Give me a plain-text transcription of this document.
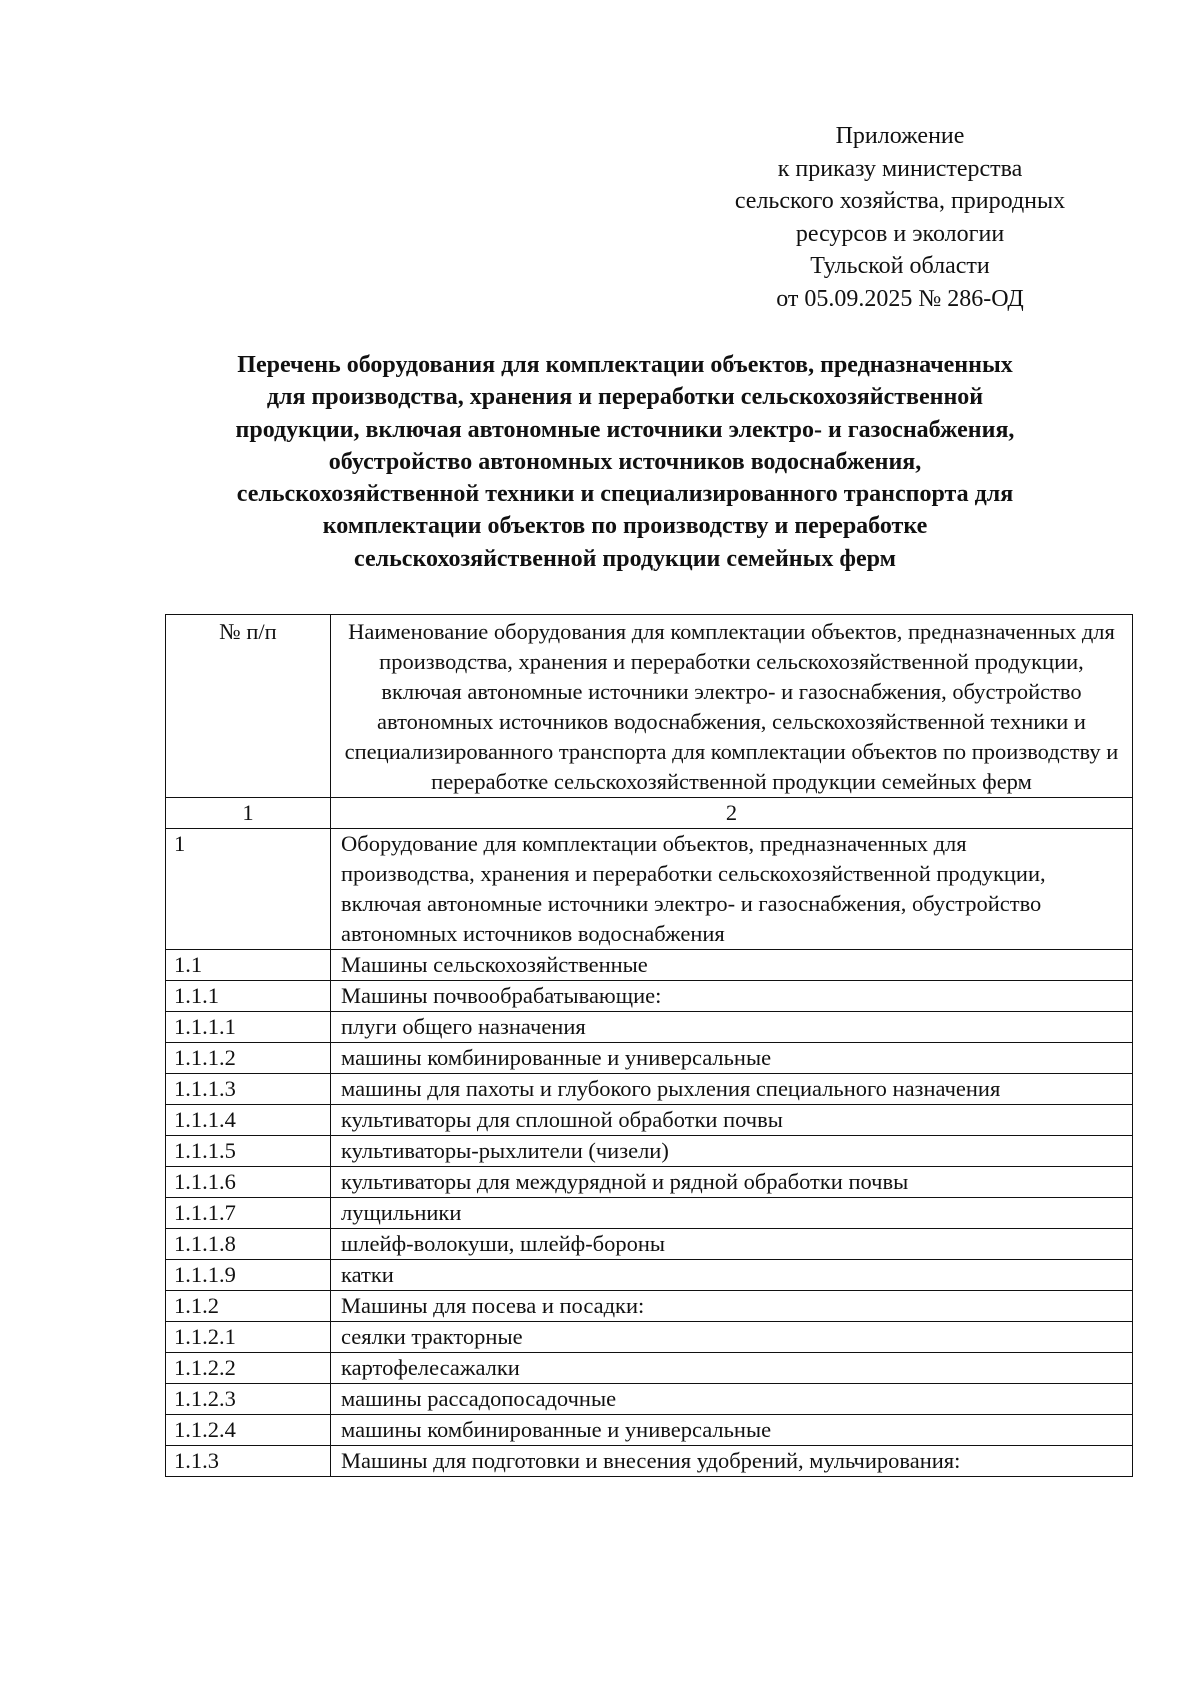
Приложение
к приказу министерства
сельского хозяйства, природных
ресурсов и экологии
Тульской области
от 05.09.2025 № 286-ОД
Перечень оборудования для комплектации объектов, предназначенных
для производства, хранения и переработки сельскохозяйственной
продукции, включая автономные источники электро- и газоснабжения,
обустройство автономных источников водоснабжения,
сельскохозяйственной техники и специализированного транспорта для
комплектации объектов по производству и переработке
сельскохозяйственной продукции семейных ферм
№ п/п	Наименование оборудования для комплектации объектов, предназначенных для производства, хранения и переработки сельскохозяйственной продукции, включая автономные источники электро- и газоснабжения, обустройство автономных источников водоснабжения, сельскохозяйственной техники и специализированного транспорта для комплектации объектов по производству и переработке сельскохозяйственной продукции семейных ферм
1	2
1	Оборудование для комплектации объектов, предназначенных для производства, хранения и переработки сельскохозяйственной продукции, включая автономные источники электро- и газоснабжения, обустройство автономных источников водоснабжения
1.1	Машины сельскохозяйственные
1.1.1	Машины почвообрабатывающие:
1.1.1.1	плуги общего назначения
1.1.1.2	машины комбинированные и универсальные
1.1.1.3	машины для пахоты и глубокого рыхления специального назначения
1.1.1.4	культиваторы для сплошной обработки почвы
1.1.1.5	культиваторы-рыхлители (чизели)
1.1.1.6	культиваторы для междурядной и рядной обработки почвы
1.1.1.7	лущильники
1.1.1.8	шлейф-волокуши, шлейф-бороны
1.1.1.9	катки
1.1.2	Машины для посева и посадки:
1.1.2.1	сеялки тракторные
1.1.2.2	картофелесажалки
1.1.2.3	машины рассадопосадочные
1.1.2.4	машины комбинированные и универсальные
1.1.3	Машины для подготовки и внесения удобрений, мульчирования:
